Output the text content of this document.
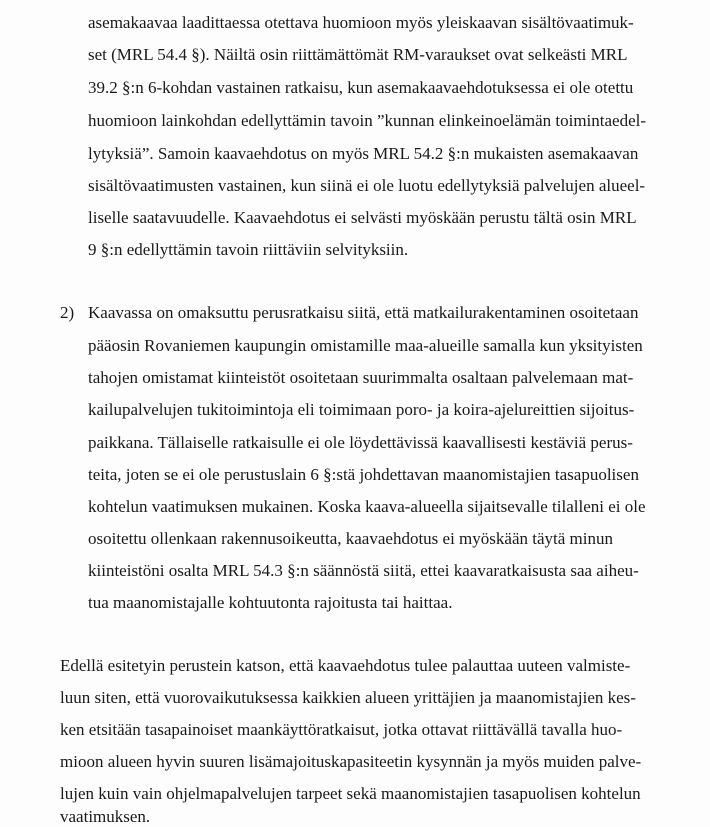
asemakaavaa laadittaessa otettava huomioon myös yleiskaavan sisältövaatimuk-

set (MRL 54.4 §). Näiltä osin riittämättömät RM-varaukset ovat selkeästi MRL

39.2 §:n 6-kohdan vastainen ratkaisu, kun asemakaavaehdotuksessa ei ole otettu

huomioon lainkohdan edellyttämin tavoin ”kunnan elinkeinoelämän toimintaedel-

lytyksiä”. Samoin kaavaehdotus on myös MRL 54.2 §:n mukaisten asemakaavan

sisältövaatimusten vastainen, kun siinä ei ole luotu edellytyksiä palvelujen alueel-

liselle saatavuudelle. Kaavaehdotus ei selvästi myöskään perustu tältä osin MRL

9 §:n edellyttämin tavoin riittäviin selvityksiin.

2) Kaavassa on omaksuttu perusratkaisu siitä, että matkailurakentaminen osoitetaan

pääosin Rovaniemen kaupungin omistamille maa-alueille samalla kun yksityisten

tahojen omistamat kiinteistöt osoitetaan suurimmalta osaltaan palvelemaan mat-

kailupalvelujen tukitoimintoja eli toimimaan poro- ja koira-ajelureittien sijoitus-

paikkana. Tällaiselle ratkaisulle ei ole löydettävissä kaavallisesti kestäviä perus-

teita, joten se ei ole perustuslain 6 §:stä johdettavan maanomistajien tasapuolisen

kohtelun vaatimuksen mukainen. Koska kaava-alueella sijaitsevalle tilalleni ei ole

osoitettu ollenkaan rakennusoikeutta, kaavaehdotus ei myöskään täytä minun

kiinteistöni osalta MRL 54.3 §:n säännöstä siitä, ettei kaavaratkaisusta saa aiheu-

tua maanomistajalle kohtuutonta rajoitusta tai haittaa.

Edellä esitetyin perustein katson, että kaavaehdotus tulee palauttaa uuteen valmiste-

luun siten, että vuorovaikutuksessa kaikkien alueen yrittäjien ja maanomistajien kes-

ken etsitään tasapainoiset maankäyttöratkaisut, jotka ottavat riittävällä tavalla huo-

mioon alueen hyvin suuren lisämajoituskapasiteetin kysynnän ja myös muiden palve-

lujen kuin vain ohjelmapalvelujen tarpeet sekä maanomistajien tasapuolisen kohtelun

vaatimuksen.
